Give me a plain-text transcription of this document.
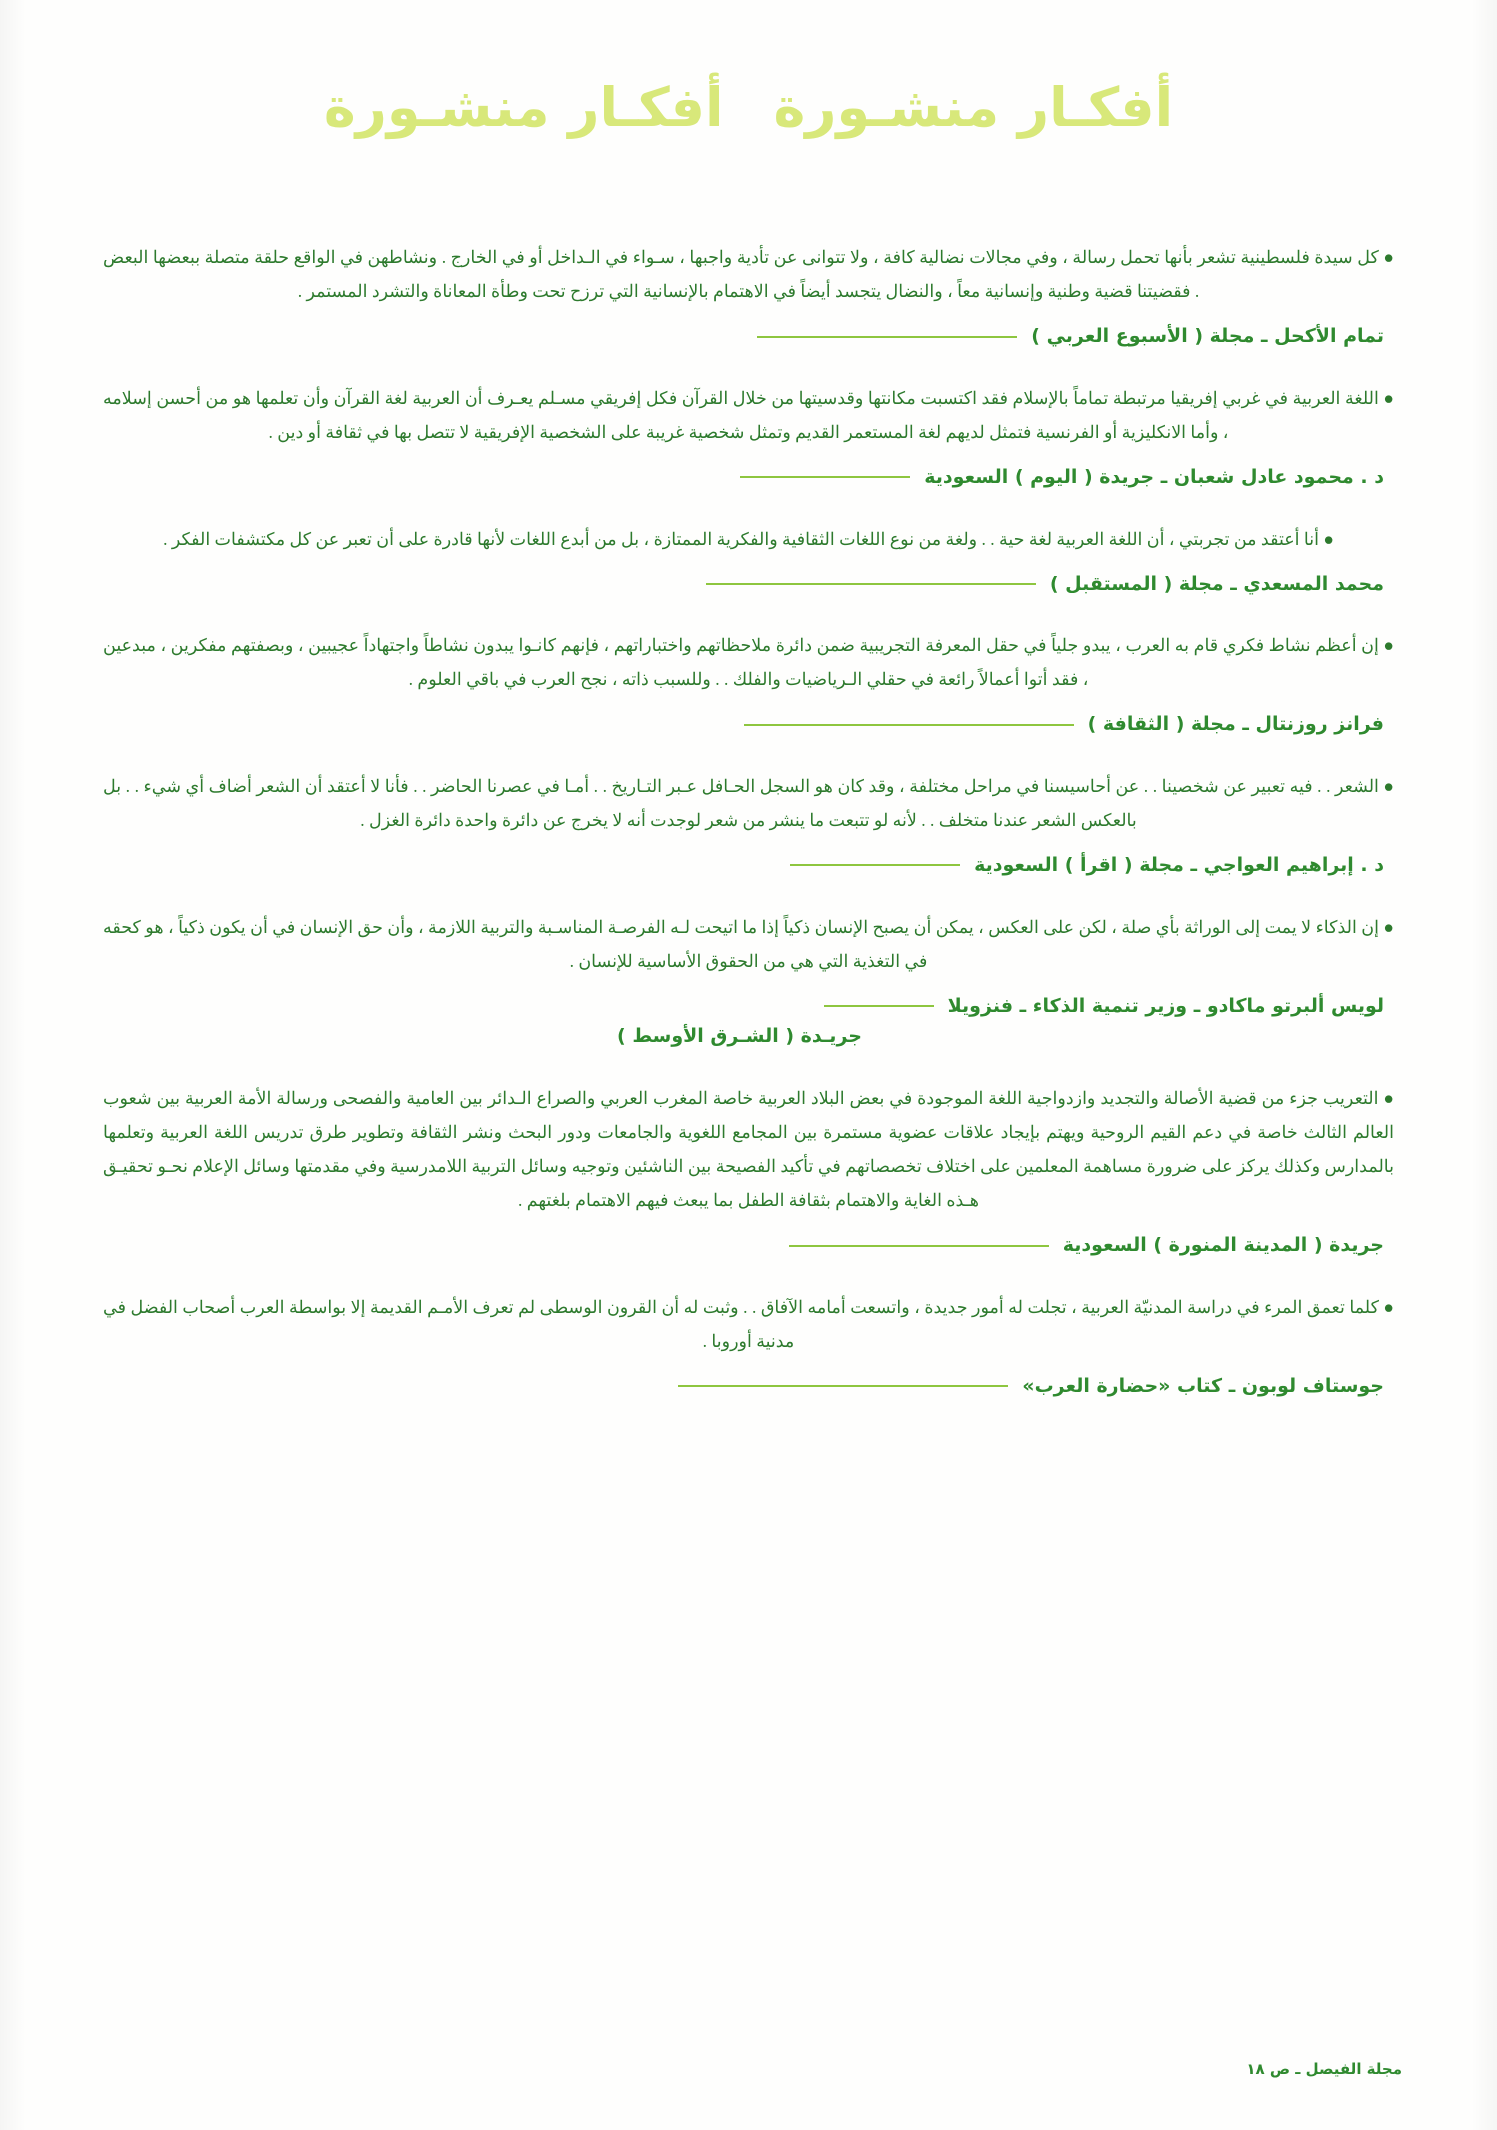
أفكـار منشـورة أفكـار منشـورة

● كل سيدة فلسطينية تشعر بأنها تحمل رسالة ، وفي مجالات نضالية كافة ، ولا تتوانى عن تأدية واجبها ، سـواء في الـداخل أو في الخارج . ونشاطهن في الواقع حلقة متصلة ببعضها البعض . فقضيتنا قضية وطنية وإنسانية معاً ، والنضال يتجسد أيضاً في الاهتمام بالإنسانية التي ترزح تحت وطأة المعاناة والتشرد المستمر .

تمام الأكحل ـ مجلة ( الأسبوع العربي )

● اللغة العربية في غربي إفريقيا مرتبطة تماماً بالإسلام فقد اكتسبت مكانتها وقدسيتها من خلال القرآن فكل إفريقي مسـلم يعـرف أن العربية لغة القرآن وأن تعلمها هو من أحسن إسلامه ، وأما الانكليزية أو الفرنسية فتمثل لديهم لغة المستعمر القديم وتمثل شخصية غريبة على الشخصية الإفريقية لا تتصل بها في ثقافة أو دين .

د . محمود عادل شعبان ـ جريدة ( اليوم ) السعودية

● أنا أعتقد من تجربتي ، أن اللغة العربية لغة حية . . ولغة من نوع اللغات الثقافية والفكرية الممتازة ، بل من أبدع اللغات لأنها قادرة على أن تعبر عن كل مكتشفات الفكر .

محمد المسعدي ـ مجلة ( المستقبل )

● إن أعظم نشاط فكري قام به العرب ، يبدو جلياً في حقل المعرفة التجريبية ضمن دائرة ملاحظاتهم واختباراتهم ، فإنهم كانـوا يبدون نشاطاً واجتهاداً عجيبين ، وبصفتهم مفكرين ، مبدعين ، فقد أتوا أعمالاً رائعة في حقلي الـرياضيات والفلك . . وللسبب ذاته ، نجح العرب في باقي العلوم .

فرانز روزنتال ـ مجلة ( الثقافة )

● الشعر . . فيه تعبير عن شخصينا . . عن أحاسيسنا في مراحل مختلفة ، وقد كان هو السجل الحـافل عـبر التـاريخ . . أمـا في عصرنا الحاضر . . فأنا لا أعتقد أن الشعر أضاف أي شيء . . بل بالعكس الشعر عندنا متخلف . . لأنه لو تتبعت ما ينشر من شعر لوجدت أنه لا يخرج عن دائرة واحدة دائرة الغزل .

د . إبراهيم العواجي ـ مجلة ( اقرأ ) السعودية

● إن الذكاء لا يمت إلى الوراثة بأي صلة ، لكن على العكس ، يمكن أن يصبح الإنسان ذكياً إذا ما اتيحت لـه الفرصـة المناسـبة والتربية اللازمة ، وأن حق الإنسان في أن يكون ذكياً ، هو كحقه في التغذية التي هي من الحقوق الأساسية للإنسان .

لويس ألبرتو ماكادو ـ وزير تنمية الذكاء ـ فنزويلا
جريـدة ( الشـرق الأوسط )

● التعريب جزء من قضية الأصالة والتجديد وازدواجية اللغة الموجودة في بعض البلاد العربية خاصة المغرب العربي والصراع الـدائر بين العامية والفصحى ورسالة الأمة العربية بين شعوب العالم الثالث خاصة في دعم القيم الروحية ويهتم بإيجاد علاقات عضوية مستمرة بين المجامع اللغوية والجامعات ودور البحث ونشر الثقافة وتطوير طرق تدريس اللغة العربية وتعلمها بالمدارس وكذلك يركز على ضرورة مساهمة المعلمين على اختلاف تخصصاتهم في تأكيد الفصيحة بين الناشئين وتوجيه وسائل التربية اللامدرسية وفي مقدمتها وسائل الإعلام نحـو تحقيـق هـذه الغاية والاهتمام بثقافة الطفل بما يبعث فيهم الاهتمام بلغتهم .

جريدة ( المدينة المنورة ) السعودية

● كلما تعمق المرء في دراسة المدنيّة العربية ، تجلت له أمور جديدة ، واتسعت أمامه الآفاق . . وثبت له أن القرون الوسطى لم تعرف الأمـم القديمة إلا بواسطة العرب أصحاب الفضل في مدنية أوروبا .

جوستاف لوبون ـ كتاب «حضارة العرب»
مجلة الفيصل ـ ص ١٨
